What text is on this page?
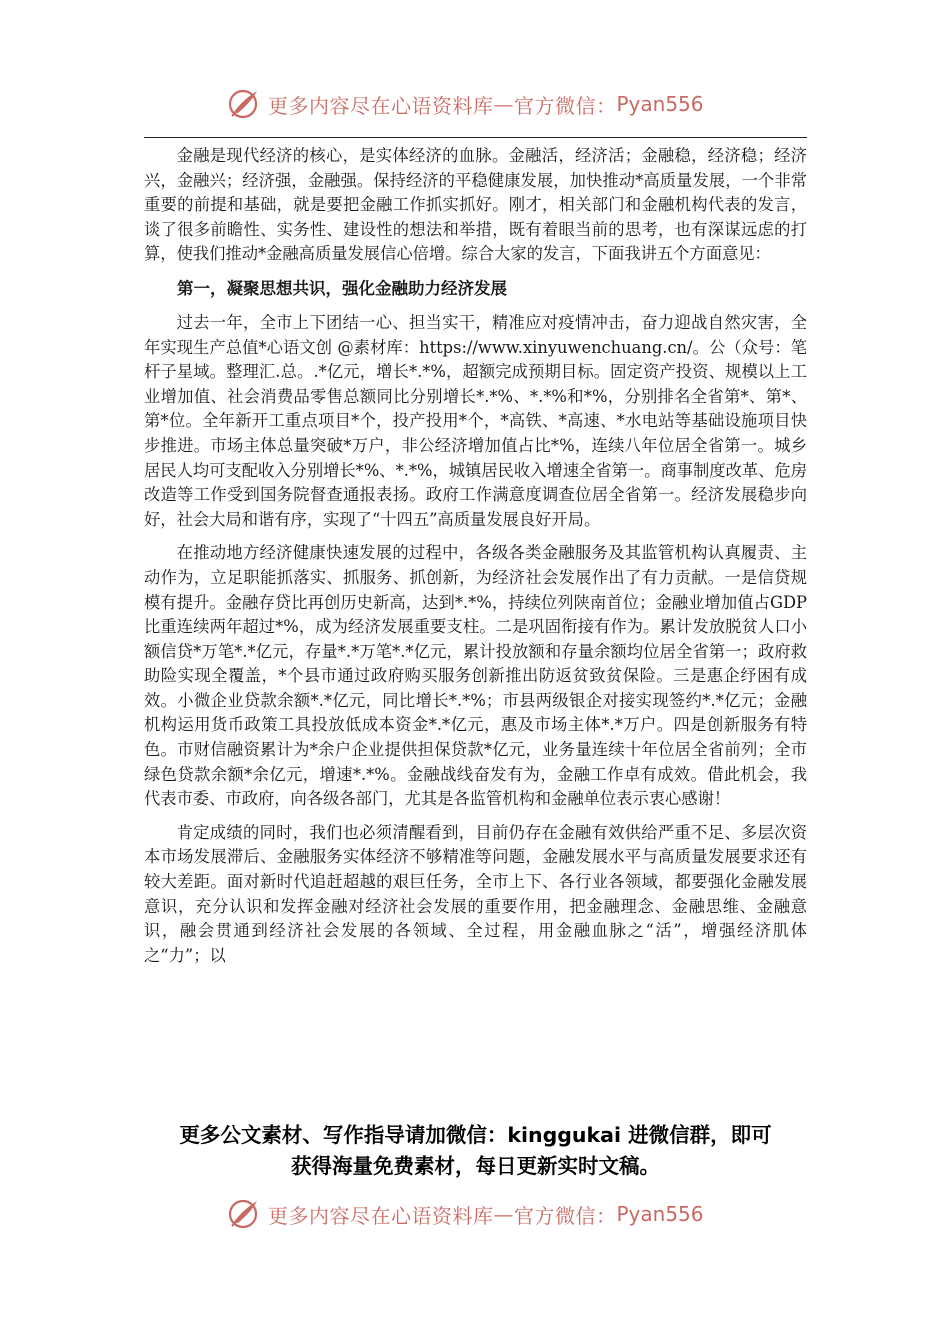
更多内容尽在心语资料库 — 官方微信： Pyan556

金融是现代经济的核心，是实体经济的血脉。金融活，经济活；金融稳，经济稳；经济兴，金融兴；经济强，金融强。保持经济的平稳健康发展，加快推动*高质量发展，一个非常重要的前提和基础，就是要把金融工作抓实抓好。刚才，相关部门和金融机构代表的发言，谈了很多前瞻性、实务性、建设性的想法和举措，既有着眼当前的思考，也有深谋远虑的打算，使我们推动*金融高质量发展信心倍增。综合大家的发言，下面我讲五个方面意见：

第一，凝聚思想共识，强化金融助力经济发展

过去一年，全市上下团结一心、担当实干，精准应对疫情冲击，奋力迎战自然灾害，全年实现生产总值*心语文创 @素材库：https://www.xinyuwenchuang.cn/。公（众号：笔杆子星域。整理汇.总。.*亿元，增长*.*%，超额完成预期目标。固定资产投资、规模以上工业增加值、社会消费品零售总额同比分别增长*.*%、*.*%和*%，分别排名全省第*、第*、第*位。全年新开工重点项目*个，投产投用*个，*高铁、*高速、*水电站等基础设施项目快步推进。市场主体总量突破*万户，非公经济增加值占比*%，连续八年位居全省第一。城乡居民人均可支配收入分别增长*%、*.*%，城镇居民收入增速全省第一。商事制度改革、危房改造等工作受到国务院督查通报表扬。政府工作满意度调查位居全省第一。经济发展稳步向好，社会大局和谐有序，实现了“十四五”高质量发展良好开局。

在推动地方经济健康快速发展的过程中，各级各类金融服务及其监管机构认真履责、主动作为，立足职能抓落实、抓服务、抓创新，为经济社会发展作出了有力贡献。一是信贷规模有提升。金融存贷比再创历史新高，达到*.*%，持续位列陕南首位；金融业增加值占GDP比重连续两年超过*%，成为经济发展重要支柱。二是巩固衔接有作为。累计发放脱贫人口小额信贷*万笔*.*亿元，存量*.*万笔*.*亿元，累计投放额和存量余额均位居全省第一；政府救助险实现全覆盖，*个县市通过政府购买服务创新推出防返贫致贫保险。三是惠企纾困有成效。小微企业贷款余额*.*亿元，同比增长*.*%；市县两级银企对接实现签约*.*亿元；金融机构运用货币政策工具投放低成本资金*.*亿元，惠及市场主体*.*万户。四是创新服务有特色。市财信融资累计为*余户企业提供担保贷款*亿元，业务量连续十年位居全省前列；全市绿色贷款余额*余亿元，增速*.*%。金融战线奋发有为，金融工作卓有成效。借此机会，我代表市委、市政府，向各级各部门，尤其是各监管机构和金融单位表示衷心感谢！

肯定成绩的同时，我们也必须清醒看到，目前仍存在金融有效供给严重不足、多层次资本市场发展滞后、金融服务实体经济不够精准等问题，金融发展水平与高质量发展要求还有较大差距。面对新时代追赶超越的艰巨任务，全市上下、各行业各领域，都要强化金融发展意识，充分认识和发挥金融对经济社会发展的重要作用，把金融理念、金融思维、金融意识，融会贯通到经济社会发展的各领域、全过程，用金融血脉之“活”，增强经济肌体之“力”；以

更多公文素材、写作指导请加微信：kinggukai 进微信群，即可
获得海量免费素材，每日更新实时文稿。
更多内容尽在心语资料库 — 官方微信： Pyan556
